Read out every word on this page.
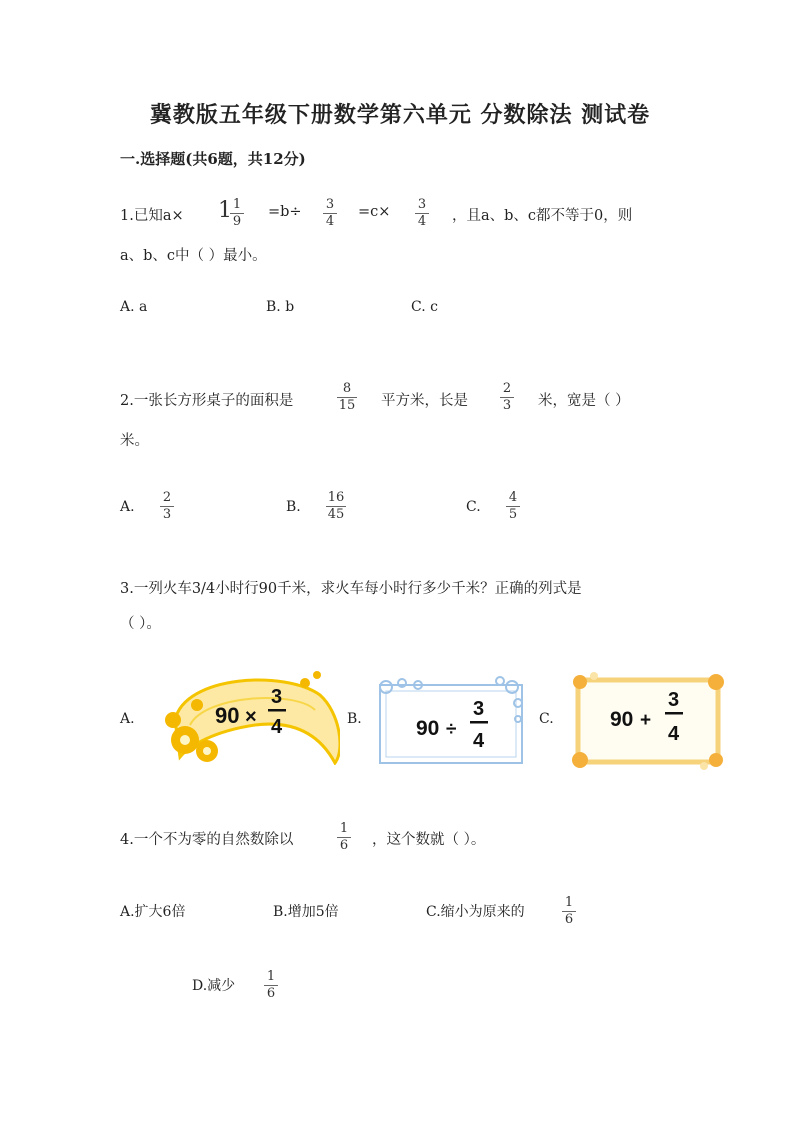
冀教版五年级下册数学第六单元 分数除法 测试卷
一.选择题(共6题，共12分)
1.已知a× 1 1
9
=b÷ 3
4
=c× 3
4 ，且a、b、c都不等于0，则
a、b、c中（ ）最小。
A. a	B. b	C. c
2.一张长方形桌子的面积是
8
15 平方米，长是
2
3 米，宽是（ ）
米。
A.
2
3	B.
16
45	C.
4
5
3.一列火车3/4小时行90千米，求火车每小时行多少千米？正确的列式是
（ ）。
A.	90 ×
3
4	B.	90 ÷
3
4
C.	90 +
3
4
4.一个不为零的自然数除以
1
6 ，这个数就（ ）。
A.扩大6倍	B.增加5倍	C.缩小为原来的
1
6
D.减少
1
6
